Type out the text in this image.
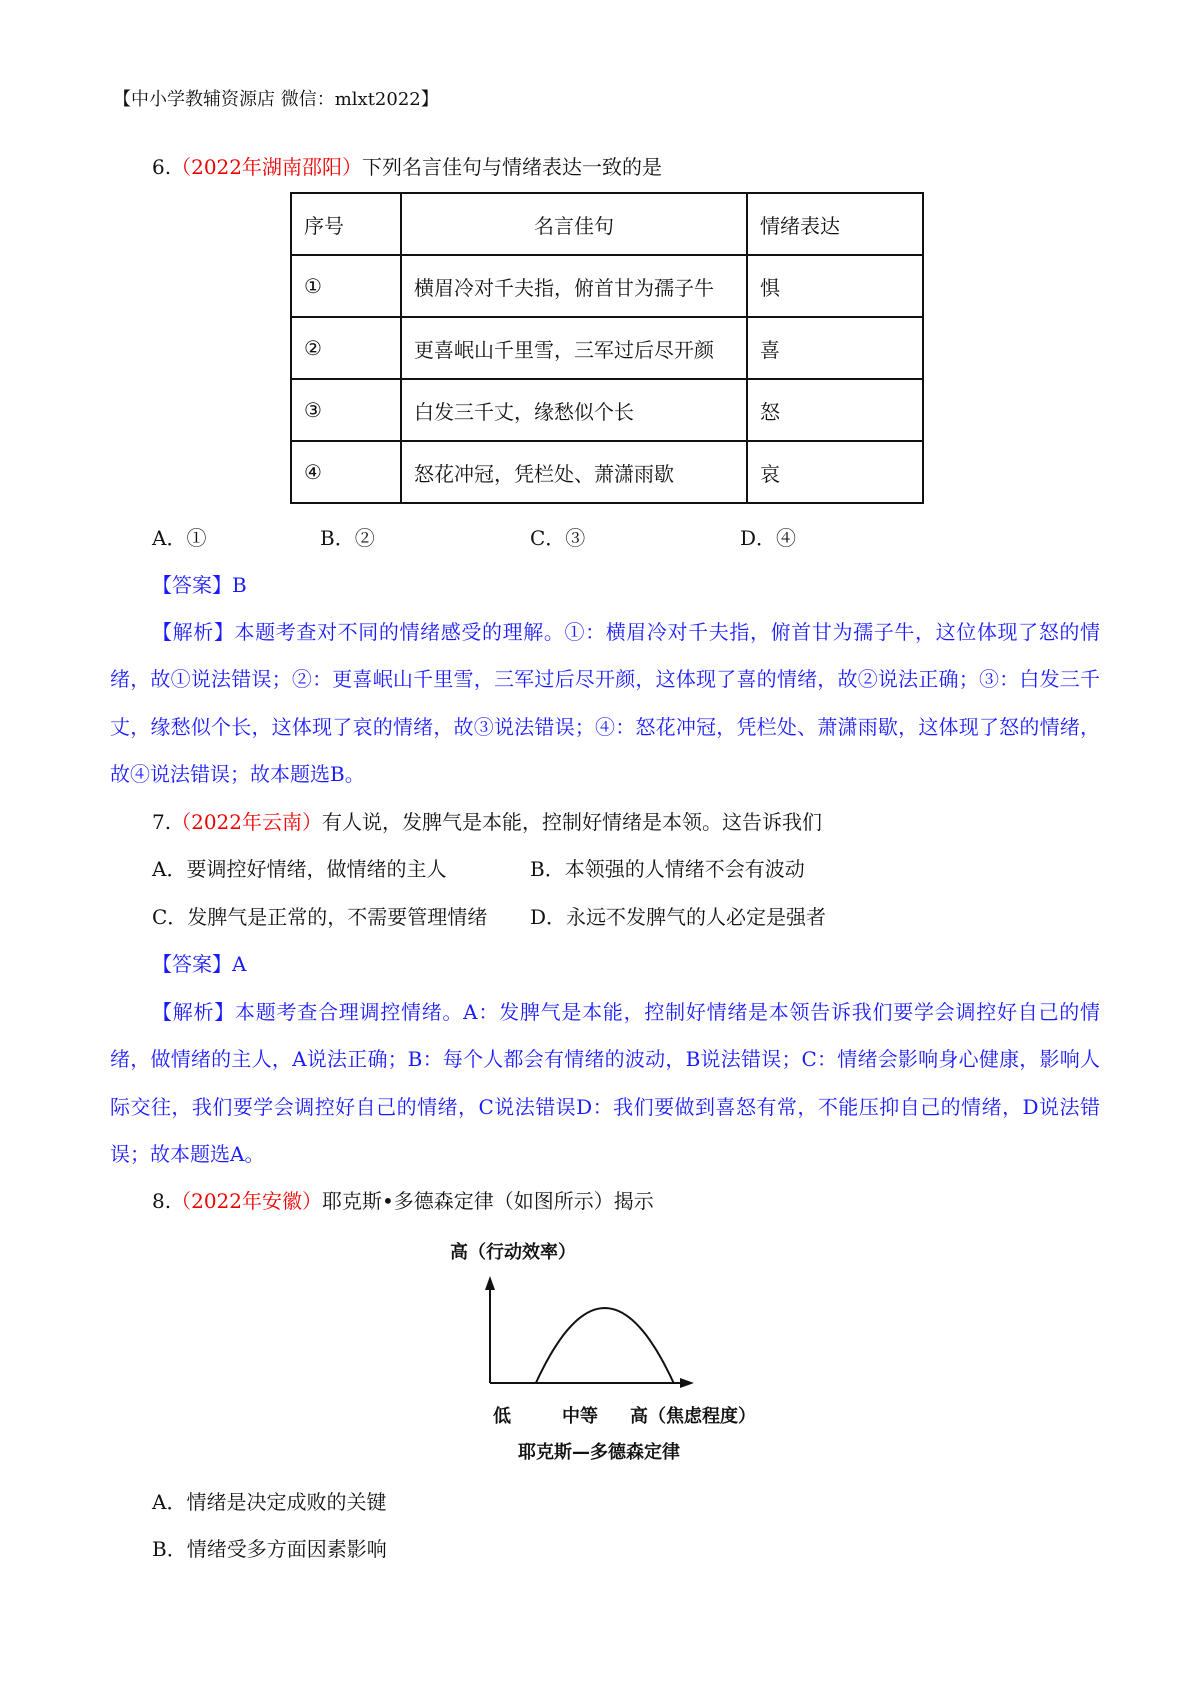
【中小学教辅资源店 微信：mlxt2022】
6.（2022年湖南邵阳）下列名言佳句与情绪表达一致的是
序号	名言佳句	情绪表达
①	横眉冷对千夫指，俯首甘为孺子牛	惧
②	更喜岷山千里雪，三军过后尽开颜	喜
③	白发三千丈，缘愁似个长	怒
④	怒花冲冠，凭栏处、萧潇雨歇	哀
A．①	B．②	C．③	D．④
【答案】B
【解析】本题考查对不同的情绪感受的理解。①：横眉冷对千夫指，俯首甘为孺子牛，这位体现了怒的情绪，故①说法错误；②：更喜岷山千里雪，三军过后尽开颜，这体现了喜的情绪，故②说法正确；③：白发三千丈，缘愁似个长，这体现了哀的情绪，故③说法错误；④：怒花冲冠，凭栏处、萧潇雨歇，这体现了怒的情绪，故④说法错误；故本题选B。
7.（2022年云南）有人说，发脾气是本能，控制好情绪是本领。这告诉我们
A．要调控好情绪，做情绪的主人	B．本领强的人情绪不会有波动
C．发脾气是正常的，不需要管理情绪 D．永远不发脾气的人必定是强者
【答案】A
【解析】本题考查合理调控情绪。A：发脾气是本能，控制好情绪是本领告诉我们要学会调控好自己的情绪，做情绪的主人，A说法正确；B：每个人都会有情绪的波动，B说法错误；C：情绪会影响身心健康，影响人际交往，我们要学会调控好自己的情绪，C说法错误D：我们要做到喜怒有常，不能压抑自己的情绪，D说法错误；故本题选A。
8.（2022年安徽）耶克斯•多德森定律（如图所示）揭示
高（行动效率）
低	中等 高（焦虑程度）
耶克斯—多德森定律
A．情绪是决定成败的关键
B．情绪受多方面因素影响
